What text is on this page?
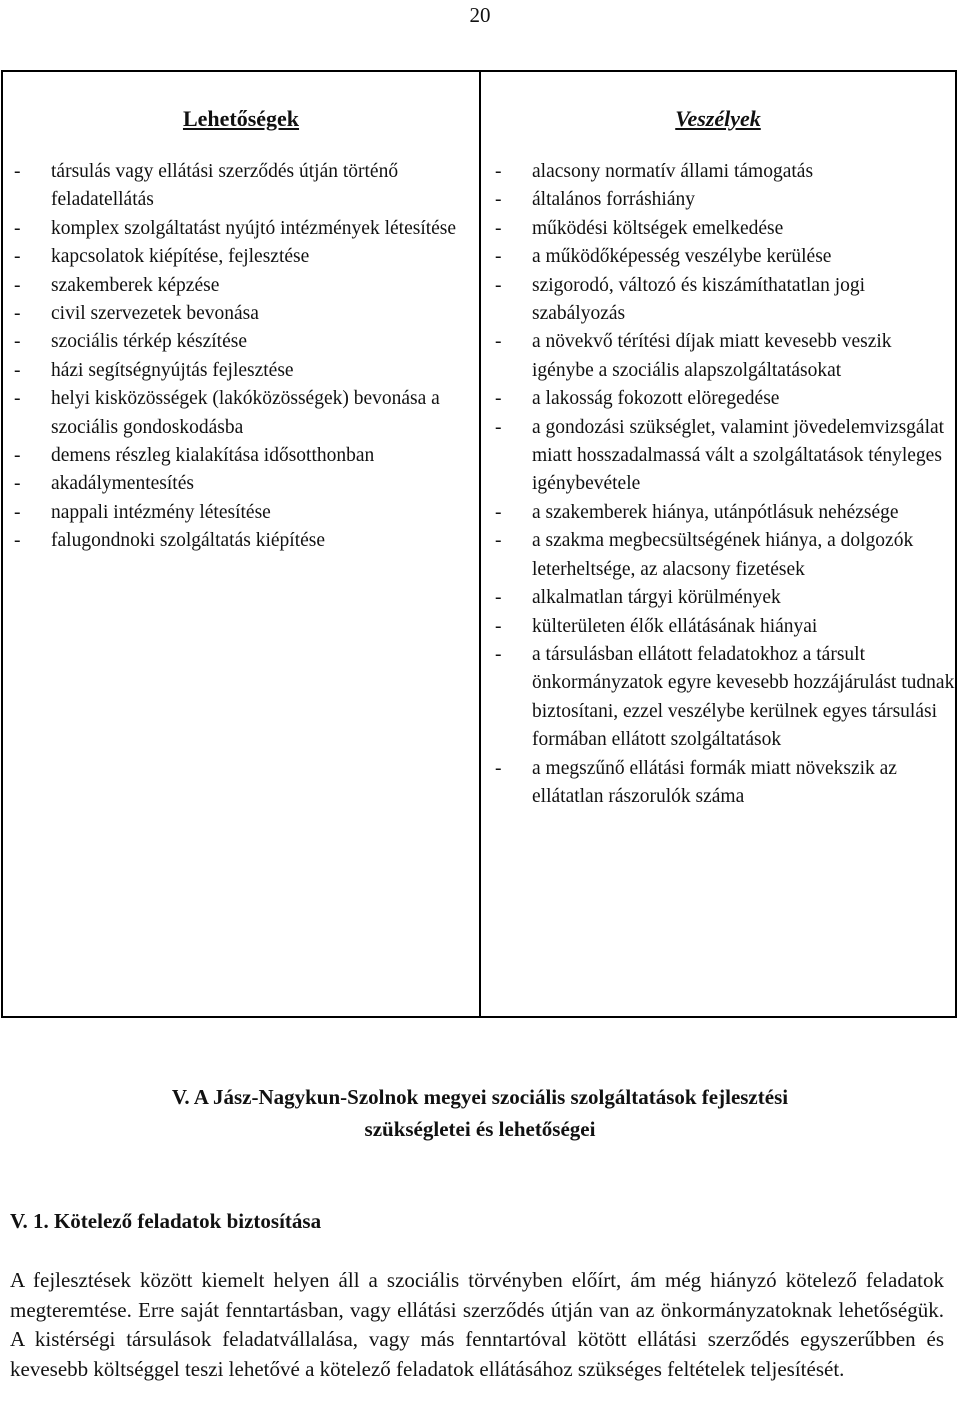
20
Lehetőségek
- társulás vagy ellátási szerződés útján történő feladatellátás
- komplex szolgáltatást nyújtó intézmények létesítése
- kapcsolatok kiépítése, fejlesztése
- szakemberek képzése
- civil szervezetek bevonása
- szociális térkép készítése
- házi segítségnyújtás fejlesztése
- helyi kisközösségek (lakóközösségek) bevonása a szociális gondoskodásba
- demens részleg kialakítása idősotthonban
- akadálymentesítés
- nappali intézmény létesítése
- falugondnoki szolgáltatás kiépítése
Veszélyek
- alacsony normatív állami támogatás
- általános forráshiány
- működési költségek emelkedése
- a működőképesség veszélybe kerülése
- szigorodó, változó és kiszámíthatatlan jogi szabályozás
- a növekvő térítési díjak miatt kevesebb veszik igénybe a szociális alapszolgáltatásokat
- a lakosság fokozott elöregedése
- a gondozási szükséglet, valamint jövedelemvizsgálat miatt hosszadalmassá vált a szolgáltatások tényleges igénybevétele
- a szakemberek hiánya, utánpótlásuk nehézsége
- a szakma megbecsültségének hiánya, a dolgozók leterheltsége, az alacsony fizetések
- alkalmatlan tárgyi körülmények
- külterületen élők ellátásának hiányai
- a társulásban ellátott feladatokhoz a társult önkormányzatok egyre kevesebb hozzájárulást tudnak biztosítani, ezzel veszélybe kerülnek egyes társulási formában ellátott szolgáltatások
- a megszűnő ellátási formák miatt növekszik az ellátatlan rászorulók száma
V. A Jász-Nagykun-Szolnok megyei szociális szolgáltatások fejlesztési
szükségletei és lehetőségei
V. 1. Kötelező feladatok biztosítása
A fejlesztések között kiemelt helyen áll a szociális törvényben előírt, ám még hiányzó kötelező feladatok megteremtése. Erre saját fenntartásban, vagy ellátási szerződés útján van az önkormányzatoknak lehetőségük. A kistérségi társulások feladatvállalása, vagy más fenntartóval kötött ellátási szerződés egyszerűbben és kevesebb költséggel teszi lehetővé a kötelező feladatok ellátásához szükséges feltételek teljesítését.
